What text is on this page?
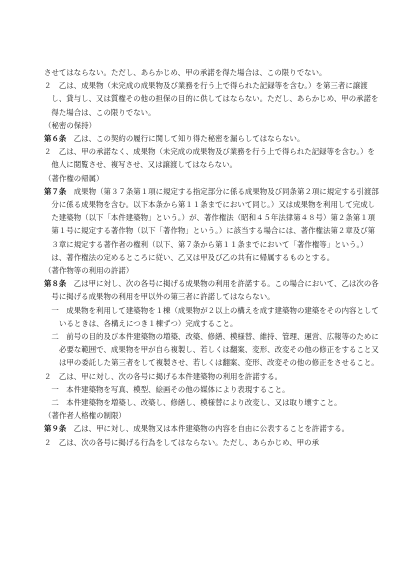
させてはならない。ただし、あらかじめ、甲の承諾を得た場合は、この限りでない。

２　乙は、成果物（未完成の成果物及び業務を行う上で得られた記録等を含む。）を第三者に譲渡し、貸与し、又は質権その他の担保の目的に供してはならない。ただし、あらかじめ、甲の承諾を得た場合は、この限りでない。

（秘密の保持）

第６条　 乙は、この契約の履行に関して知り得た秘密を漏らしてはならない。

２　乙は、甲の承諾なく、成果物（未完成の成果物及び業務を行う上で得られた記録等を含む。）を他人に閲覧させ、複写させ、又は譲渡してはならない。

（著作権の帰属）

第７条　 成果物（第３７条第１項に規定する指定部分に係る成果物及び同条第２項に規定する引渡部分に係る成果物を含む。以下本条から第１１条までにおいて同じ。）又は成果物を利用して完成した建築物（以下「本件建築物」という。）が、著作権法（昭和４５年法律第４８号）第２条第１項第１号に規定する著作物（以下「著作物」という。）に該当する場合には、著作権法第２章及び第３章に規定する著作者の権利（以下、第７条から第１１条までにおいて「著作権等」という。）は、著作権法の定めるところに従い、乙又は甲及び乙の共有に帰属するものとする。

（著作物等の利用の許諾）

第８条　 乙は甲に対し、次の各号に掲げる成果物の利用を許諾する。この場合において、乙は次の各号に掲げる成果物の利用を甲以外の第三者に許諾してはならない。

一　成果物を利用して建築物を１棟（成果物が２以上の構えを成す建築物の建築をその内容としているときは、各構えにつき１棟ずつ）完成すること。

二　前号の目的及び本件建築物の増築、改築、修繕、模様替、維持、管理、運営、広報等のために必要な範囲で、成果物を甲が自ら複製し、若しくは翻案、変形、改変その他の修正をすること又は甲の委託した第三者をして複製させ、若しくは翻案、変形、改変その他の修正をさせること。

２　乙は、甲に対し、次の各号に掲げる本件建築物の利用を許諾する。

一　本件建築物を写真、模型、絵画その他の媒体により表現すること。

二　本件建築物を増築し、改築し、修繕し、模様替により改変し、又は取り壊すこと。

（著作者人格権の制限）

第９条　 乙は、甲に対し、成果物又は本件建築物の内容を自由に公表することを許諾する。

２　乙は、次の各号に掲げる行為をしてはならない。ただし、あらかじめ、甲の承
